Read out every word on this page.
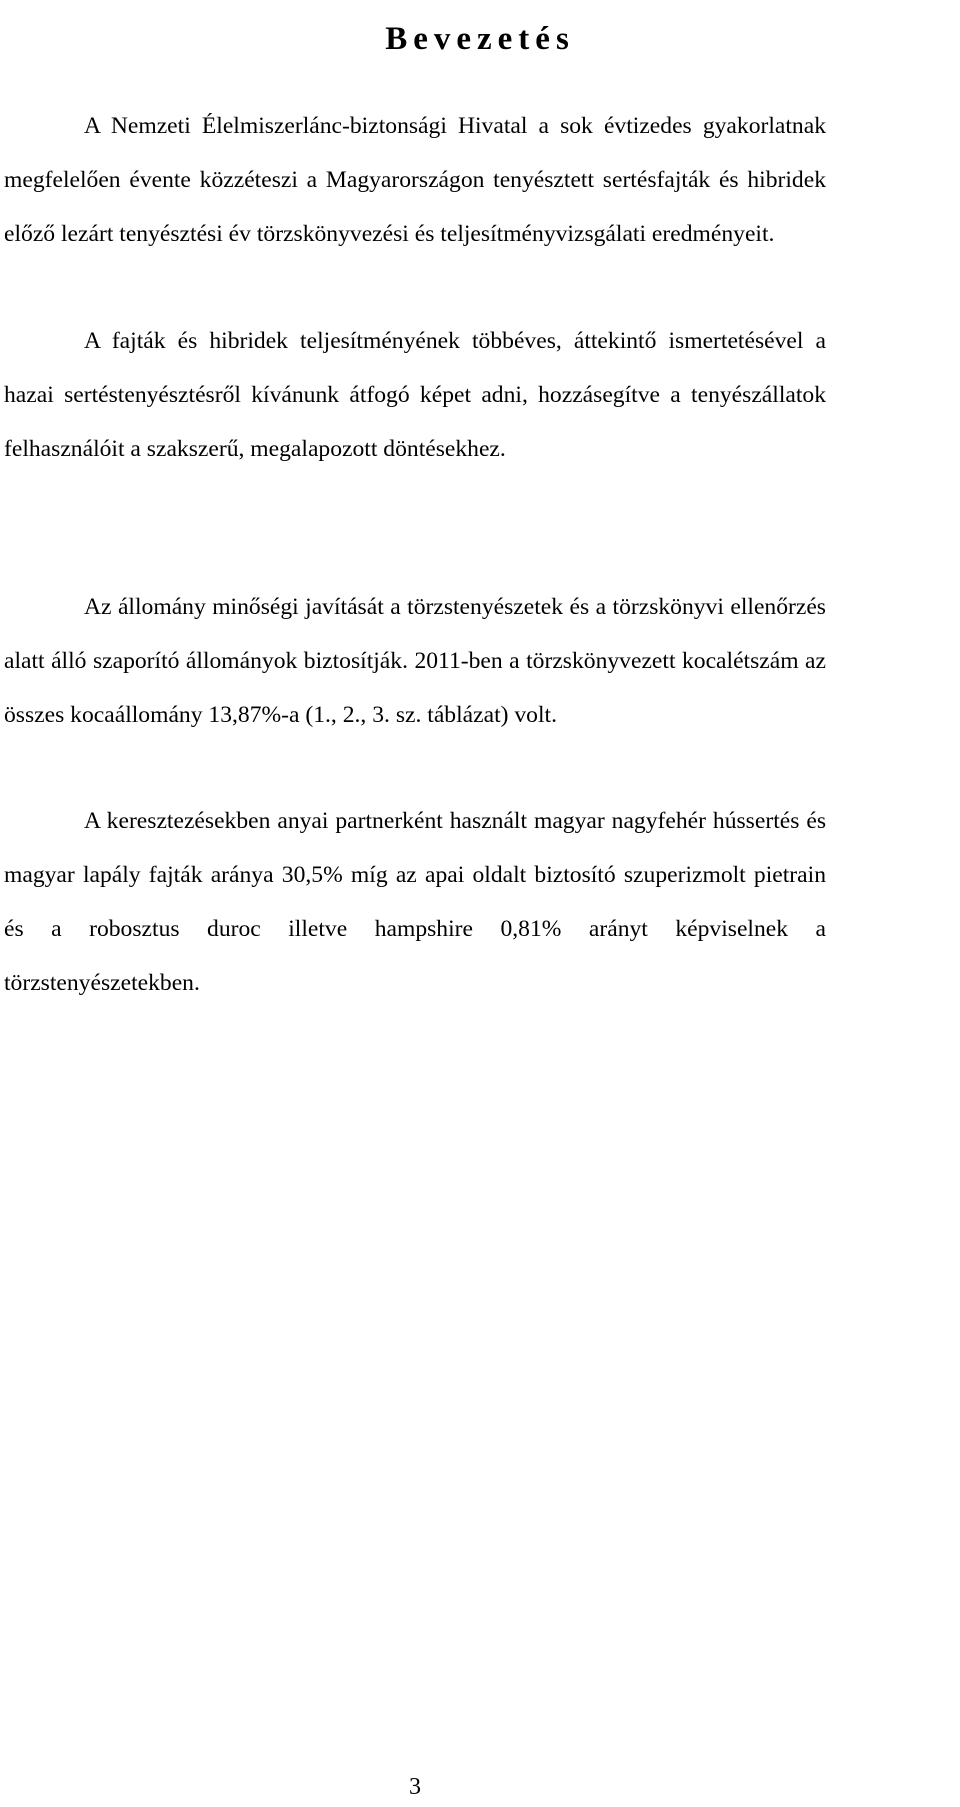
Bevezetés

A Nemzeti Élelmiszerlánc-biztonsági Hivatal a sok évtizedes gyakorlatnak megfelelően évente közzéteszi a Magyarországon tenyésztett sertésfajták és hibridek előző lezárt tenyésztési év törzskönyvezési és teljesítményvizsgálati eredményeit.

A fajták és hibridek teljesítményének többéves, áttekintő ismertetésével a hazai sertéstenyésztésről kívánunk átfogó képet adni, hozzásegítve a tenyészállatok felhasználóit a szakszerű, megalapozott döntésekhez.

Az állomány minőségi javítását a törzstenyészetek és a törzskönyvi ellenőrzés alatt álló szaporító állományok biztosítják. 2011-ben a törzskönyvezett kocalétszám az összes kocaállomány 13,87%-a (1., 2., 3. sz. táblázat) volt.

A keresztezésekben anyai partnerként használt magyar nagyfehér hússertés és magyar lapály fajták aránya 30,5% míg az apai oldalt biztosító szuperizmolt pietrain és a robosztus duroc illetve hampshire 0,81% arányt képviselnek a törzstenyészetekben.

3
